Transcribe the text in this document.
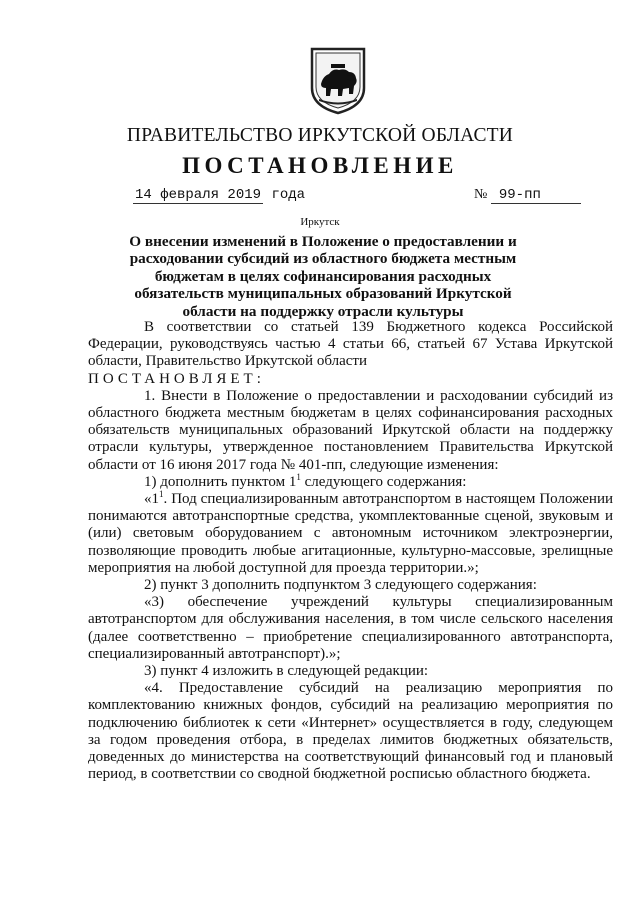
ПРАВИТЕЛЬСТВО ИРКУТСКОЙ ОБЛАСТИ
ПОСТАНОВЛЕНИЕ
14 февраля 2019 года	№ 99-пп
Иркутск
О внесении изменений в Положение о предоставлении и расходовании субсидий из областного бюджета местным бюджетам в целях софинансирования расходных обязательств муниципальных образований Иркутской области на поддержку отрасли культуры

В соответствии со статьей 139 Бюджетного кодекса Российской Федерации, руководствуясь частью 4 статьи 66, статьей 67 Устава Иркутской области, Правительство Иркутской области

ПОСТАНОВЛЯЕТ:

1. Внести в Положение о предоставлении и расходовании субсидий из областного бюджета местным бюджетам в целях софинансирования расходных обязательств муниципальных образований Иркутской области на поддержку отрасли культуры, утвержденное постановлением Правительства Иркутской области от 16 июня 2017 года № 401-пп, следующие изменения:

1) дополнить пунктом $1^1$ следующего содержания:

«$1^1$. Под специализированным автотранспортом в настоящем Положении понимаются автотранспортные средства, укомплектованные сценой, звуковым и (или) световым оборудованием с автономным источником электроэнергии, позволяющие проводить любые агитационные, культурно-массовые, зрелищные мероприятия на любой доступной для проезда территории.»;

2) пункт 3 дополнить подпунктом 3 следующего содержания:

«3) обеспечение учреждений культуры специализированным автотранспортом для обслуживания населения, в том числе сельского населения (далее соответственно – приобретение специализированного автотранспорта, специализированный автотранспорт).»;

3) пункт 4 изложить в следующей редакции:

«4. Предоставление субсидий на реализацию мероприятия по комплектованию книжных фондов, субсидий на реализацию мероприятия по подключению библиотек к сети «Интернет» осуществляется в году, следующем за годом проведения отбора, в пределах лимитов бюджетных обязательств, доведенных до министерства на соответствующий финансовый год и плановый период, в соответствии со сводной бюджетной росписью областного бюджета.
